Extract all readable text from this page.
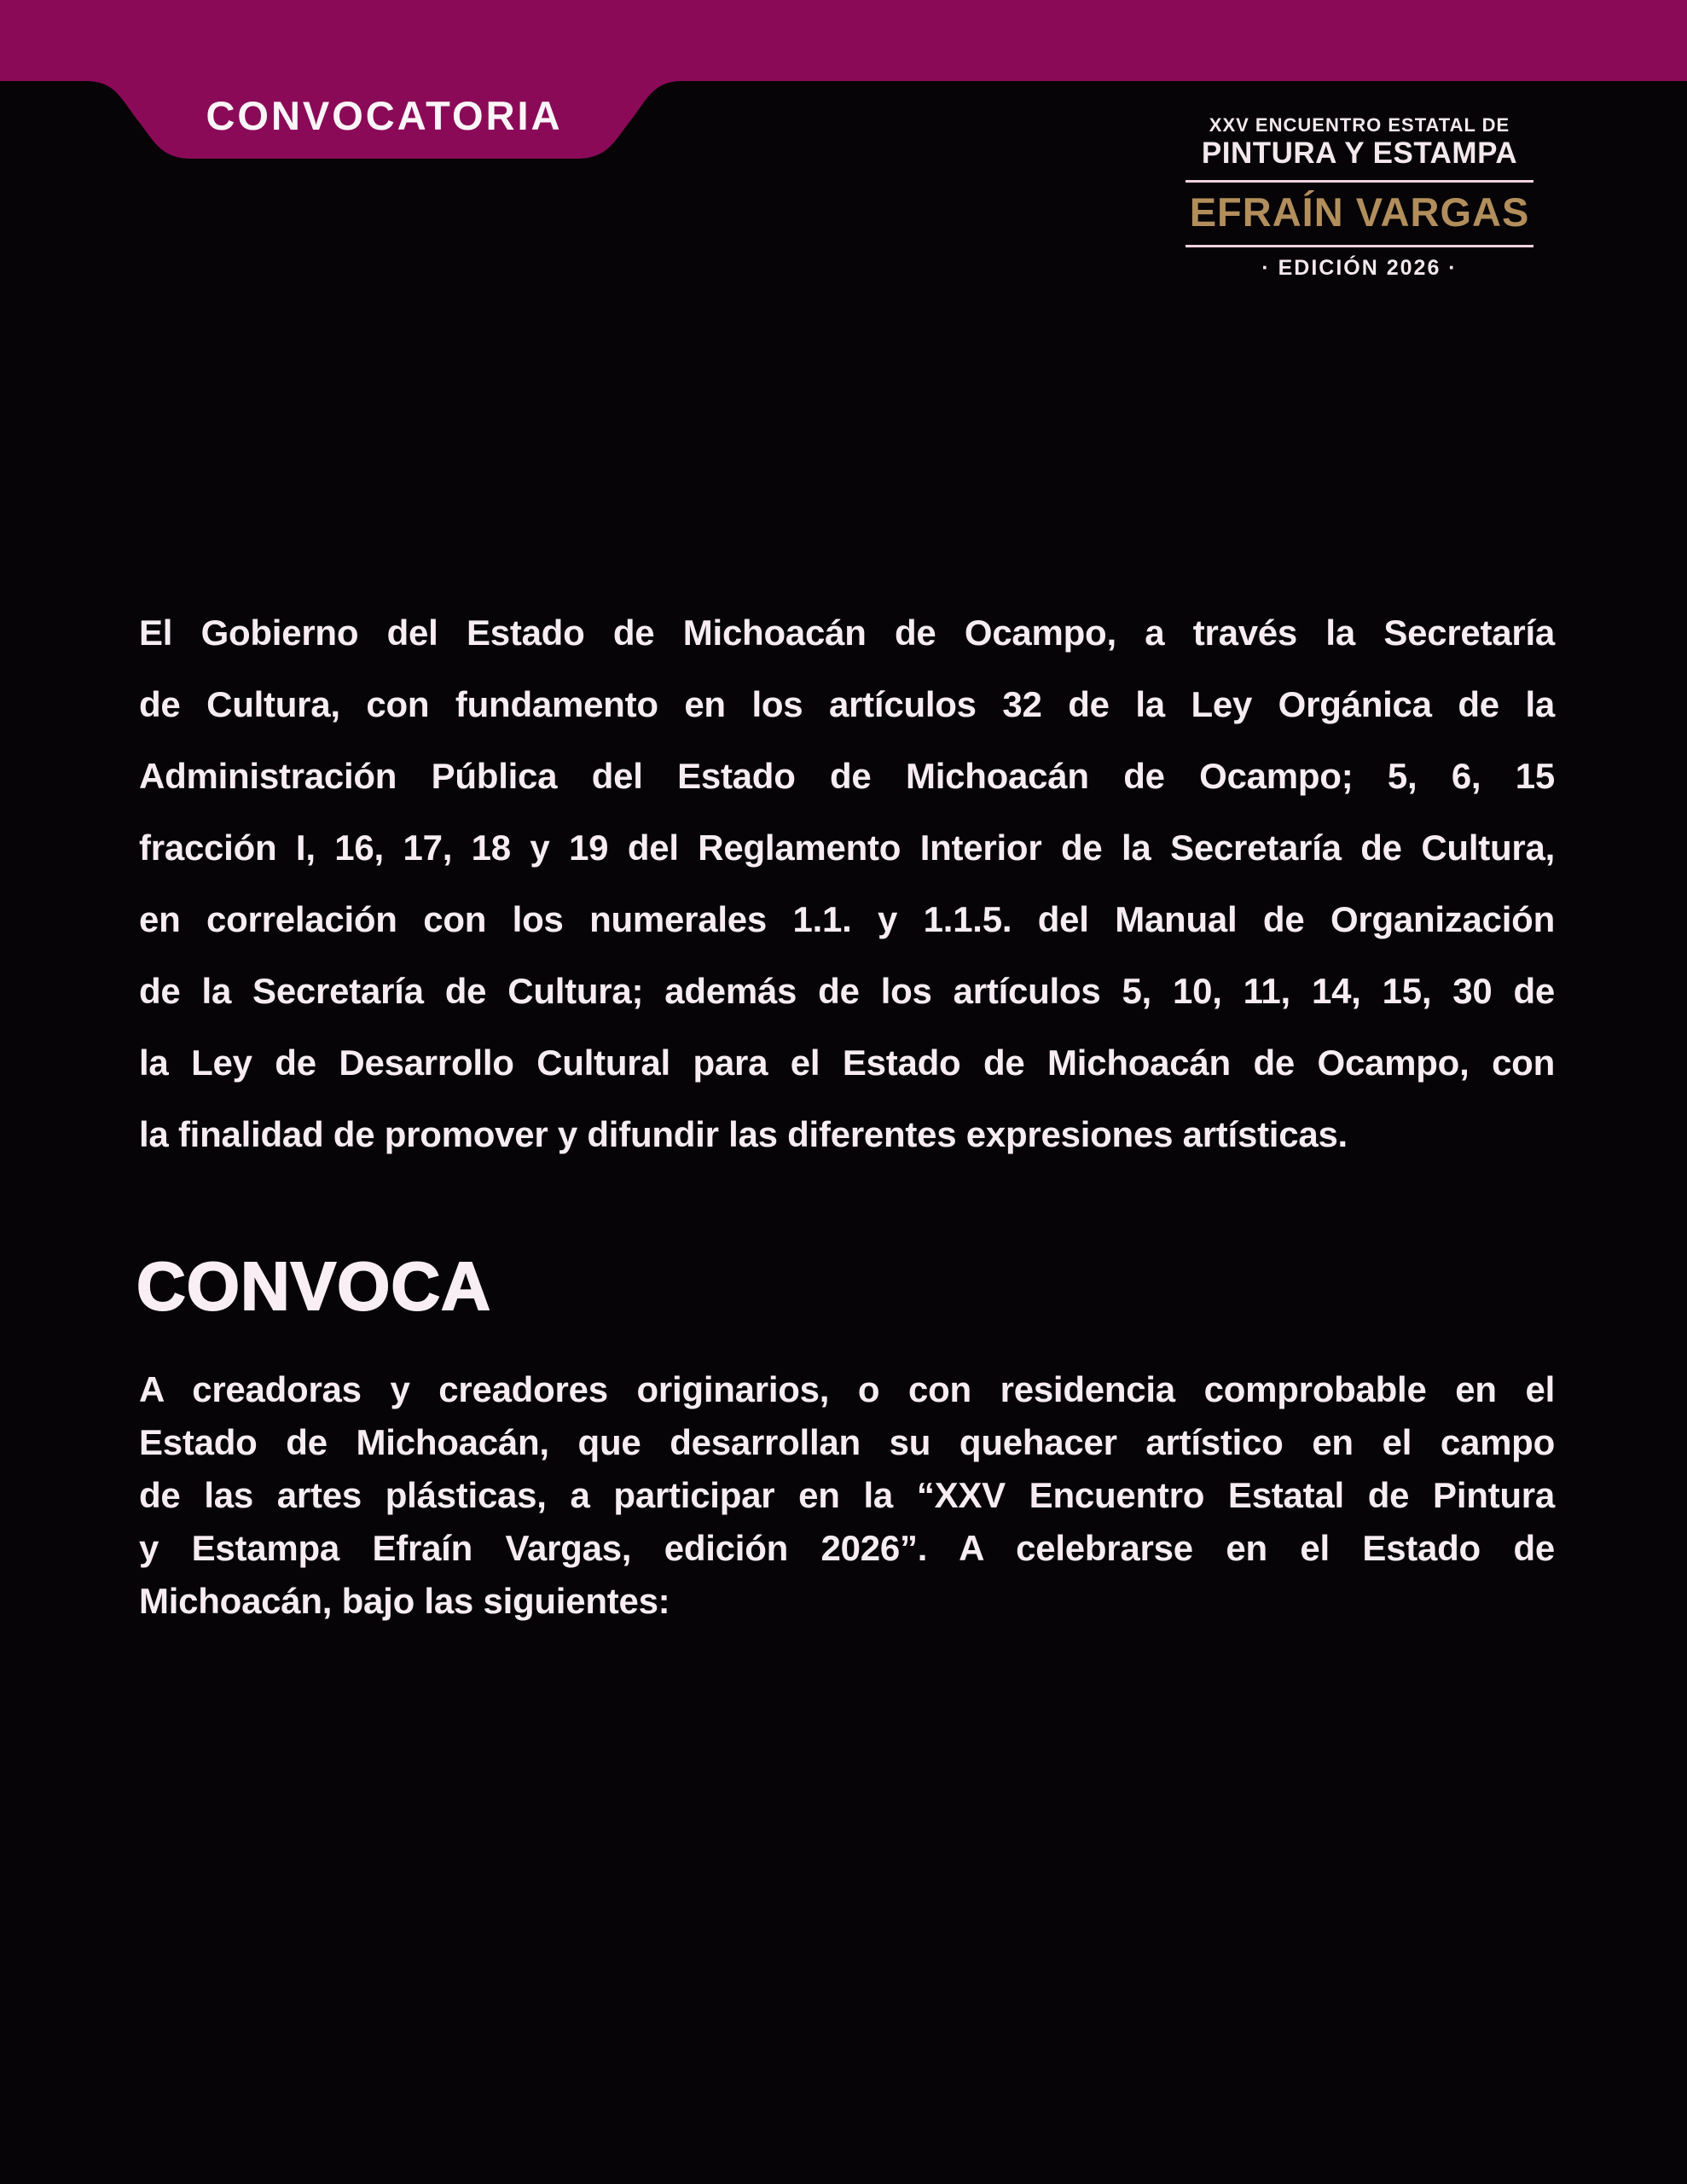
CONVOCATORIA	XXV ENCUENTRO ESTATAL DE
PINTURA Y ESTAMPA
EFRAÍN VARGAS
· EDICIÓN 2026 ·
El Gobierno del Estado de Michoacán de Ocampo, a través la Secretaría
de Cultura, con fundamento en los artículos 32 de la Ley Orgánica de la
Administración Pública del Estado de Michoacán de Ocampo; 5, 6, 15
fracción I, 16, 17, 18 y 19 del Reglamento Interior de la Secretaría de Cultura,
en correlación con los numerales 1.1. y 1.1.5. del Manual de Organización
de la Secretaría de Cultura; además de los artículos 5, 10, 11, 14, 15, 30 de
la Ley de Desarrollo Cultural para el Estado de Michoacán de Ocampo, con
la finalidad de promover y difundir las diferentes expresiones artísticas.
CONVOCA
A creadoras y creadores originarios, o con residencia comprobable en el
Estado de Michoacán, que desarrollan su quehacer artístico en el campo
de las artes plásticas, a participar en la “XXV Encuentro Estatal de Pintura
y Estampa Efraín Vargas, edición 2026”. A celebrarse en el Estado de
Michoacán, bajo las siguientes:
